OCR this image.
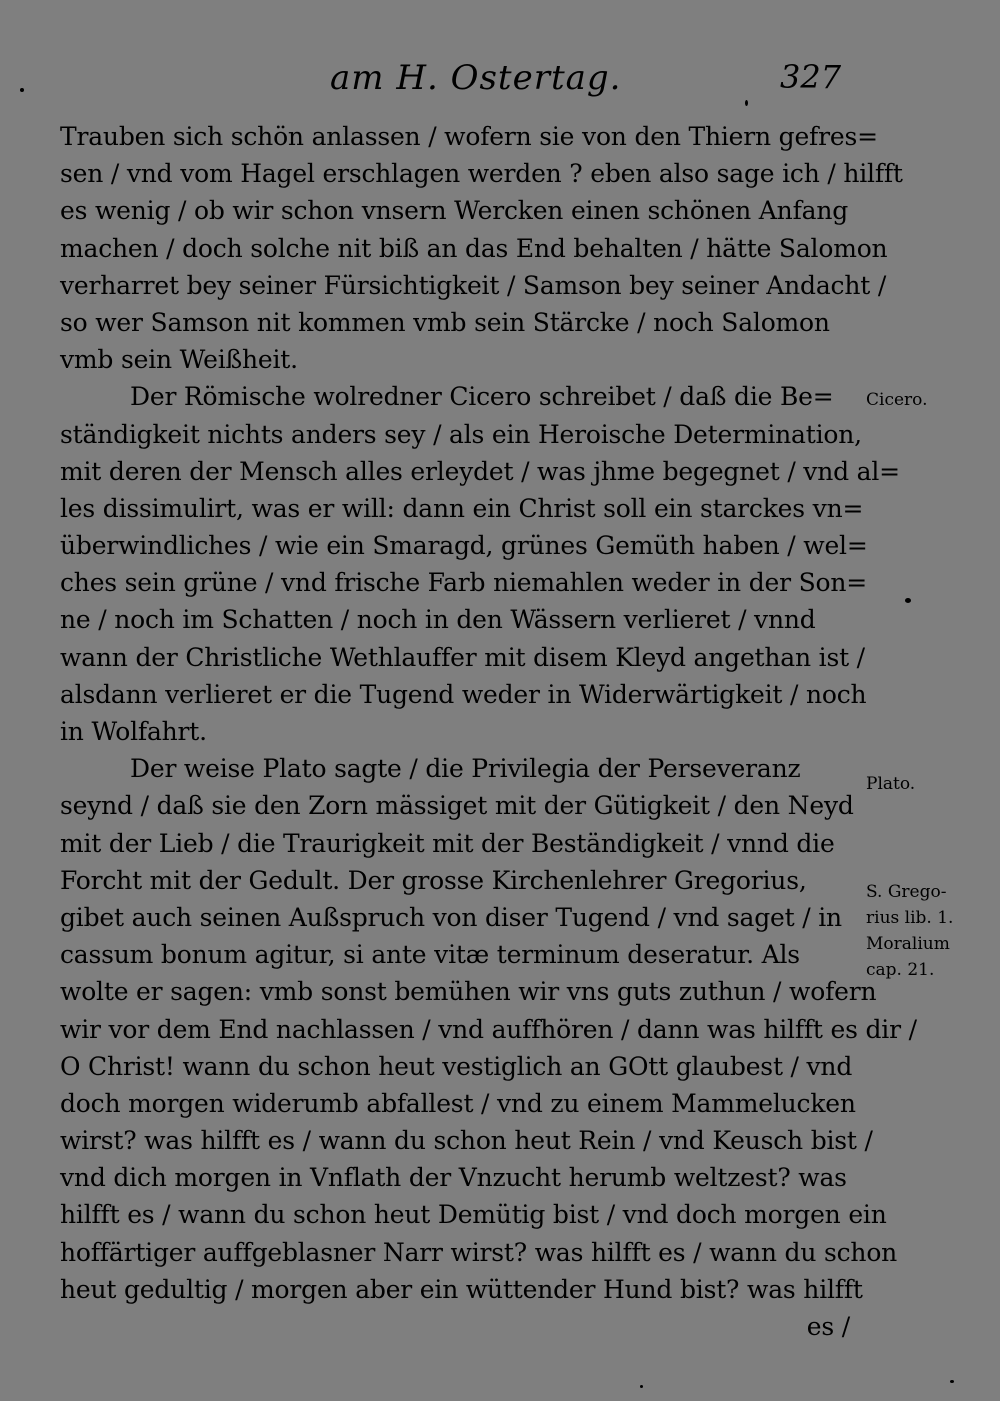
am H. Ostertag.	327
Trauben sich schön anlassen / wofern sie von den Thiern gefres=
sen / vnd vom Hagel erschlagen werden ? eben also sage ich / hilfft
es wenig / ob wir schon vnsern Wercken einen schönen Anfang
machen / doch solche nit biß an das End behalten / hätte Salomon
verharret bey seiner Fürsichtigkeit / Samson bey seiner Andacht /
so wer Samson nit kommen vmb sein Stärcke / noch Salomon
vmb sein Weißheit.
Der Römische wolredner Cicero schreibet / daß die Be=
ständigkeit nichts anders sey / als ein Heroische Determination,
mit deren der Mensch alles erleydet / was jhme begegnet / vnd al=
les dissimulirt, was er will: dann ein Christ soll ein starckes vn=
überwindliches / wie ein Smaragd, grünes Gemüth haben / wel=
ches sein grüne / vnd frische Farb niemahlen weder in der Son=
ne / noch im Schatten / noch in den Wässern verlieret / vnnd
wann der Christliche Wethlauffer mit disem Kleyd angethan ist /
alsdann verlieret er die Tugend weder in Widerwärtigkeit / noch
in Wolfahrt.
Der weise Plato sagte / die Privilegia der Perseveranz
seynd / daß sie den Zorn mässiget mit der Gütigkeit / den Neyd
mit der Lieb / die Traurigkeit mit der Beständigkeit / vnnd die
Forcht mit der Gedult. Der grosse Kirchenlehrer Gregorius,
gibet auch seinen Außspruch von diser Tugend / vnd saget / in
cassum bonum agitur, si ante vitæ terminum deseratur. Als
wolte er sagen: vmb sonst bemühen wir vns guts zuthun / wofern
wir vor dem End nachlassen / vnd auffhören / dann was hilfft es dir /
O Christ! wann du schon heut vestiglich an GOtt glaubest / vnd
doch morgen widerumb abfallest / vnd zu einem Mammelucken
wirst? was hilfft es / wann du schon heut Rein / vnd Keusch bist /
vnd dich morgen in Vnflath der Vnzucht herumb weltzest? was
hilfft es / wann du schon heut Demütig bist / vnd doch morgen ein
hoffärtiger auffgeblasner Narr wirst? was hilfft es / wann du schon
heut gedultig / morgen aber ein wüttender Hund bist? was hilfft
es /
Cicero.
Plato.
S. Grego-
rius lib. 1.
Moralium
cap. 21.
